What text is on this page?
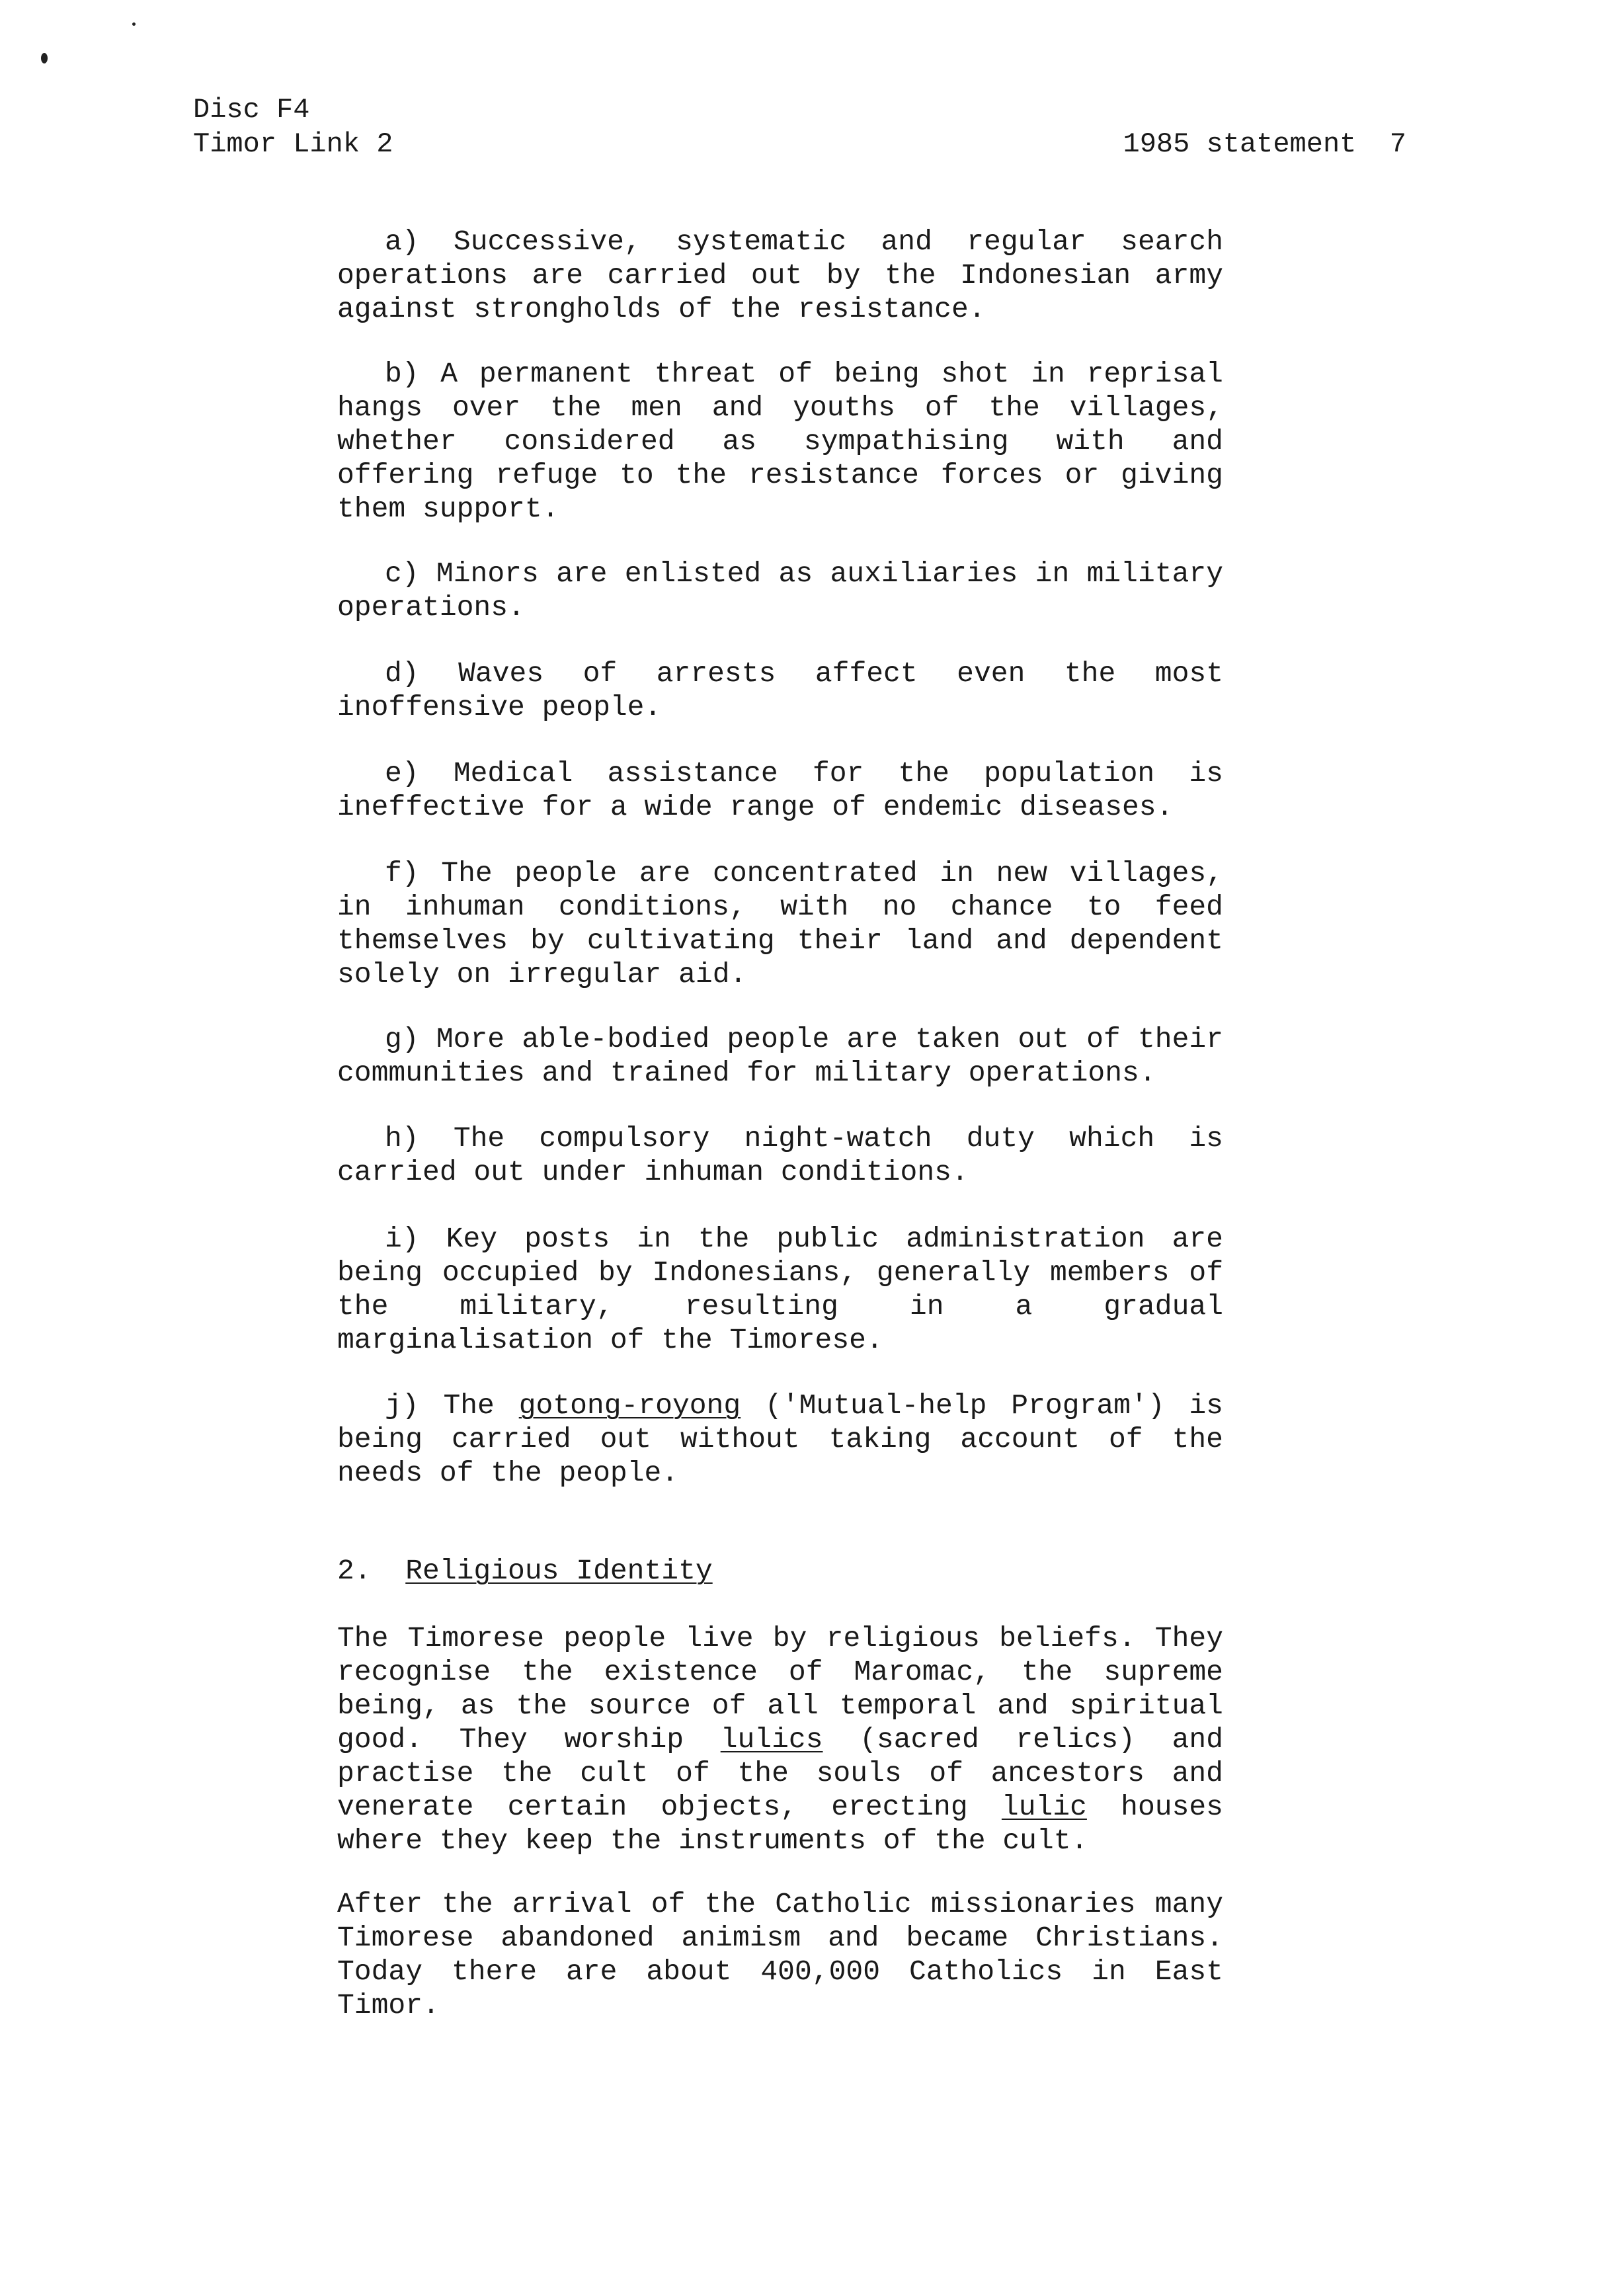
Disc F4
Timor Link 2	1985 statement  7

a) Successive, systematic and regular search operations are carried out by the Indonesian army against strongholds of the resistance.

b) A permanent threat of being shot in reprisal hangs over the men and youths of the villages, whether considered as sympathising with and offering refuge to the resistance forces or giving them support.

c) Minors are enlisted as auxiliaries in military operations.

d) Waves of arrests affect even the most inoffensive people.

e) Medical assistance for the population is ineffective for a wide range of endemic diseases.

f) The people are concentrated in new villages, in inhuman conditions, with no chance to feed themselves by cultivating their land and dependent solely on irregular aid.

g) More able-bodied people are taken out of their communities and trained for military operations.

h) The compulsory night-watch duty which is carried out under inhuman conditions.

i) Key posts in the public administration are being occupied by Indonesians, generally members of the military, resulting in a gradual marginalisation of the Timorese.

j) The gotong-royong ('Mutual-help Program') is being carried out without taking account of the needs of the people.

2. Religious Identity

The Timorese people live by religious beliefs. They recognise the existence of Maromac, the supreme being, as the source of all temporal and spiritual good. They worship lulics (sacred relics) and practise the cult of the souls of ancestors and venerate certain objects, erecting lulic houses where they keep the instruments of the cult.

After the arrival of the Catholic missionaries many Timorese abandoned animism and became Christians. Today there are about 400,000 Catholics in East Timor.
